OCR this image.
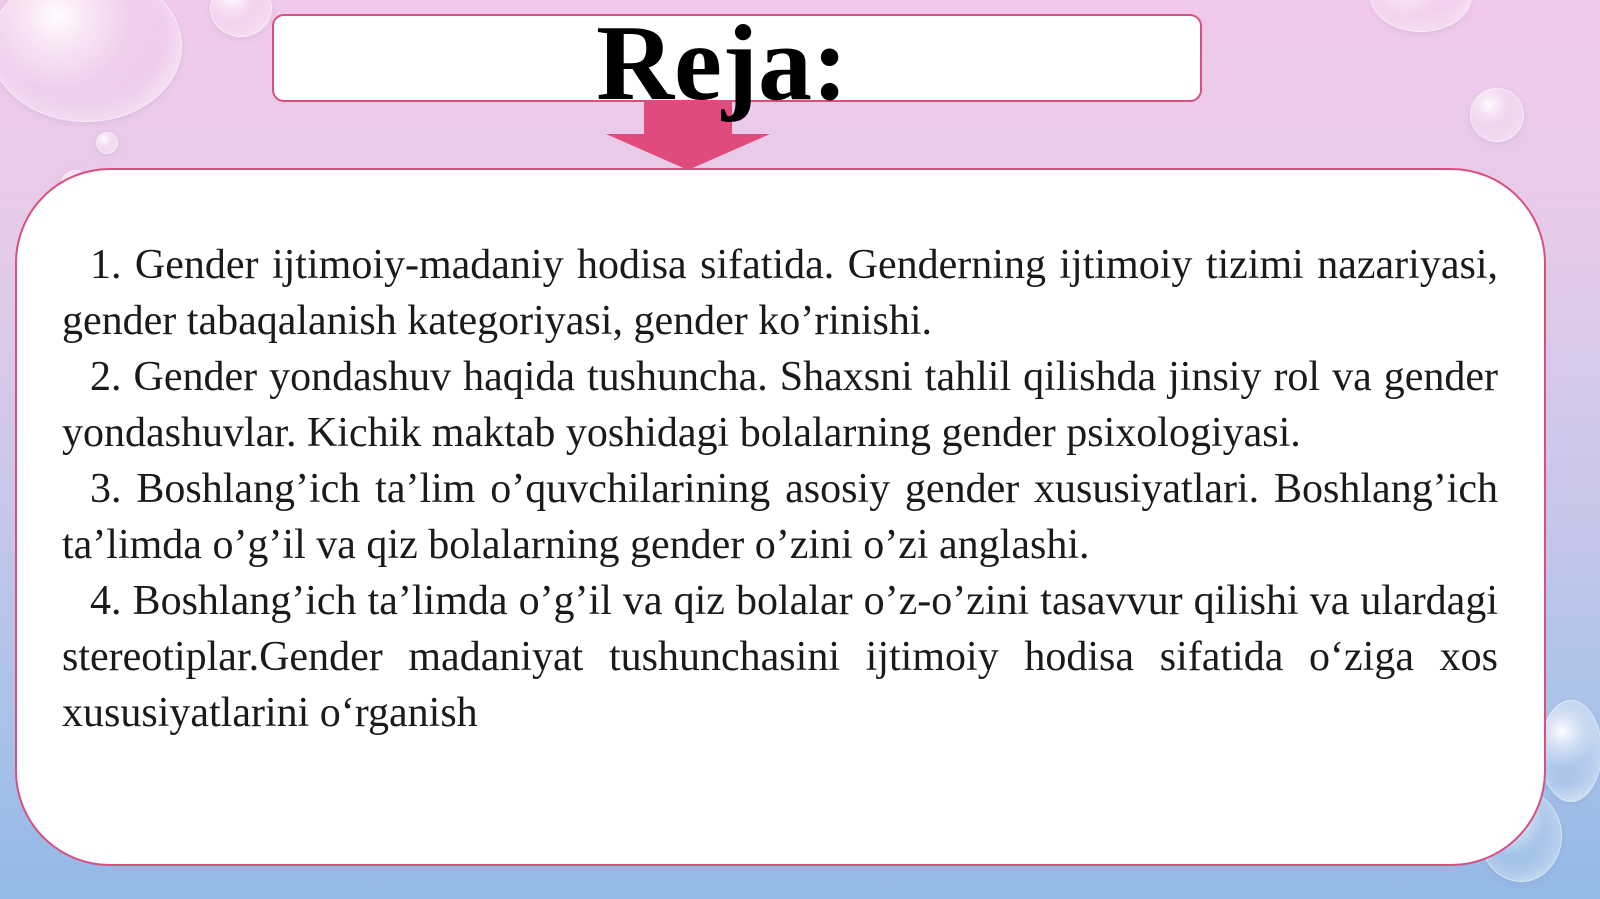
Reja:
1. Gender ijtimoiy-madaniy hodisa sifatida. Genderning ijtimoiy tizimi nazariyasi, gender tabaqalanish kategoriyasi, gender ko’rinishi.
2. Gender yondashuv haqida tushuncha. Shaxsni tahlil qilishda jinsiy rol va gender yondashuvlar. Kichik maktab yoshidagi bolalarning gender psixologiyasi.
3. Boshlang’ich ta’lim o’quvchilarining asosiy gender xususiyatlari. Boshlang’ich ta’limda o’g’il va qiz bolalarning gender o’zini o’zi anglashi.
4. Boshlang’ich ta’limda o’g’il va qiz bolalar o’z-o’zini tasavvur qilishi va ulardagi stereotiplar.Gender madaniyat tushunchasini ijtimoiy hodisa sifatida o‘ziga xos xususiyatlarini o‘rganish
